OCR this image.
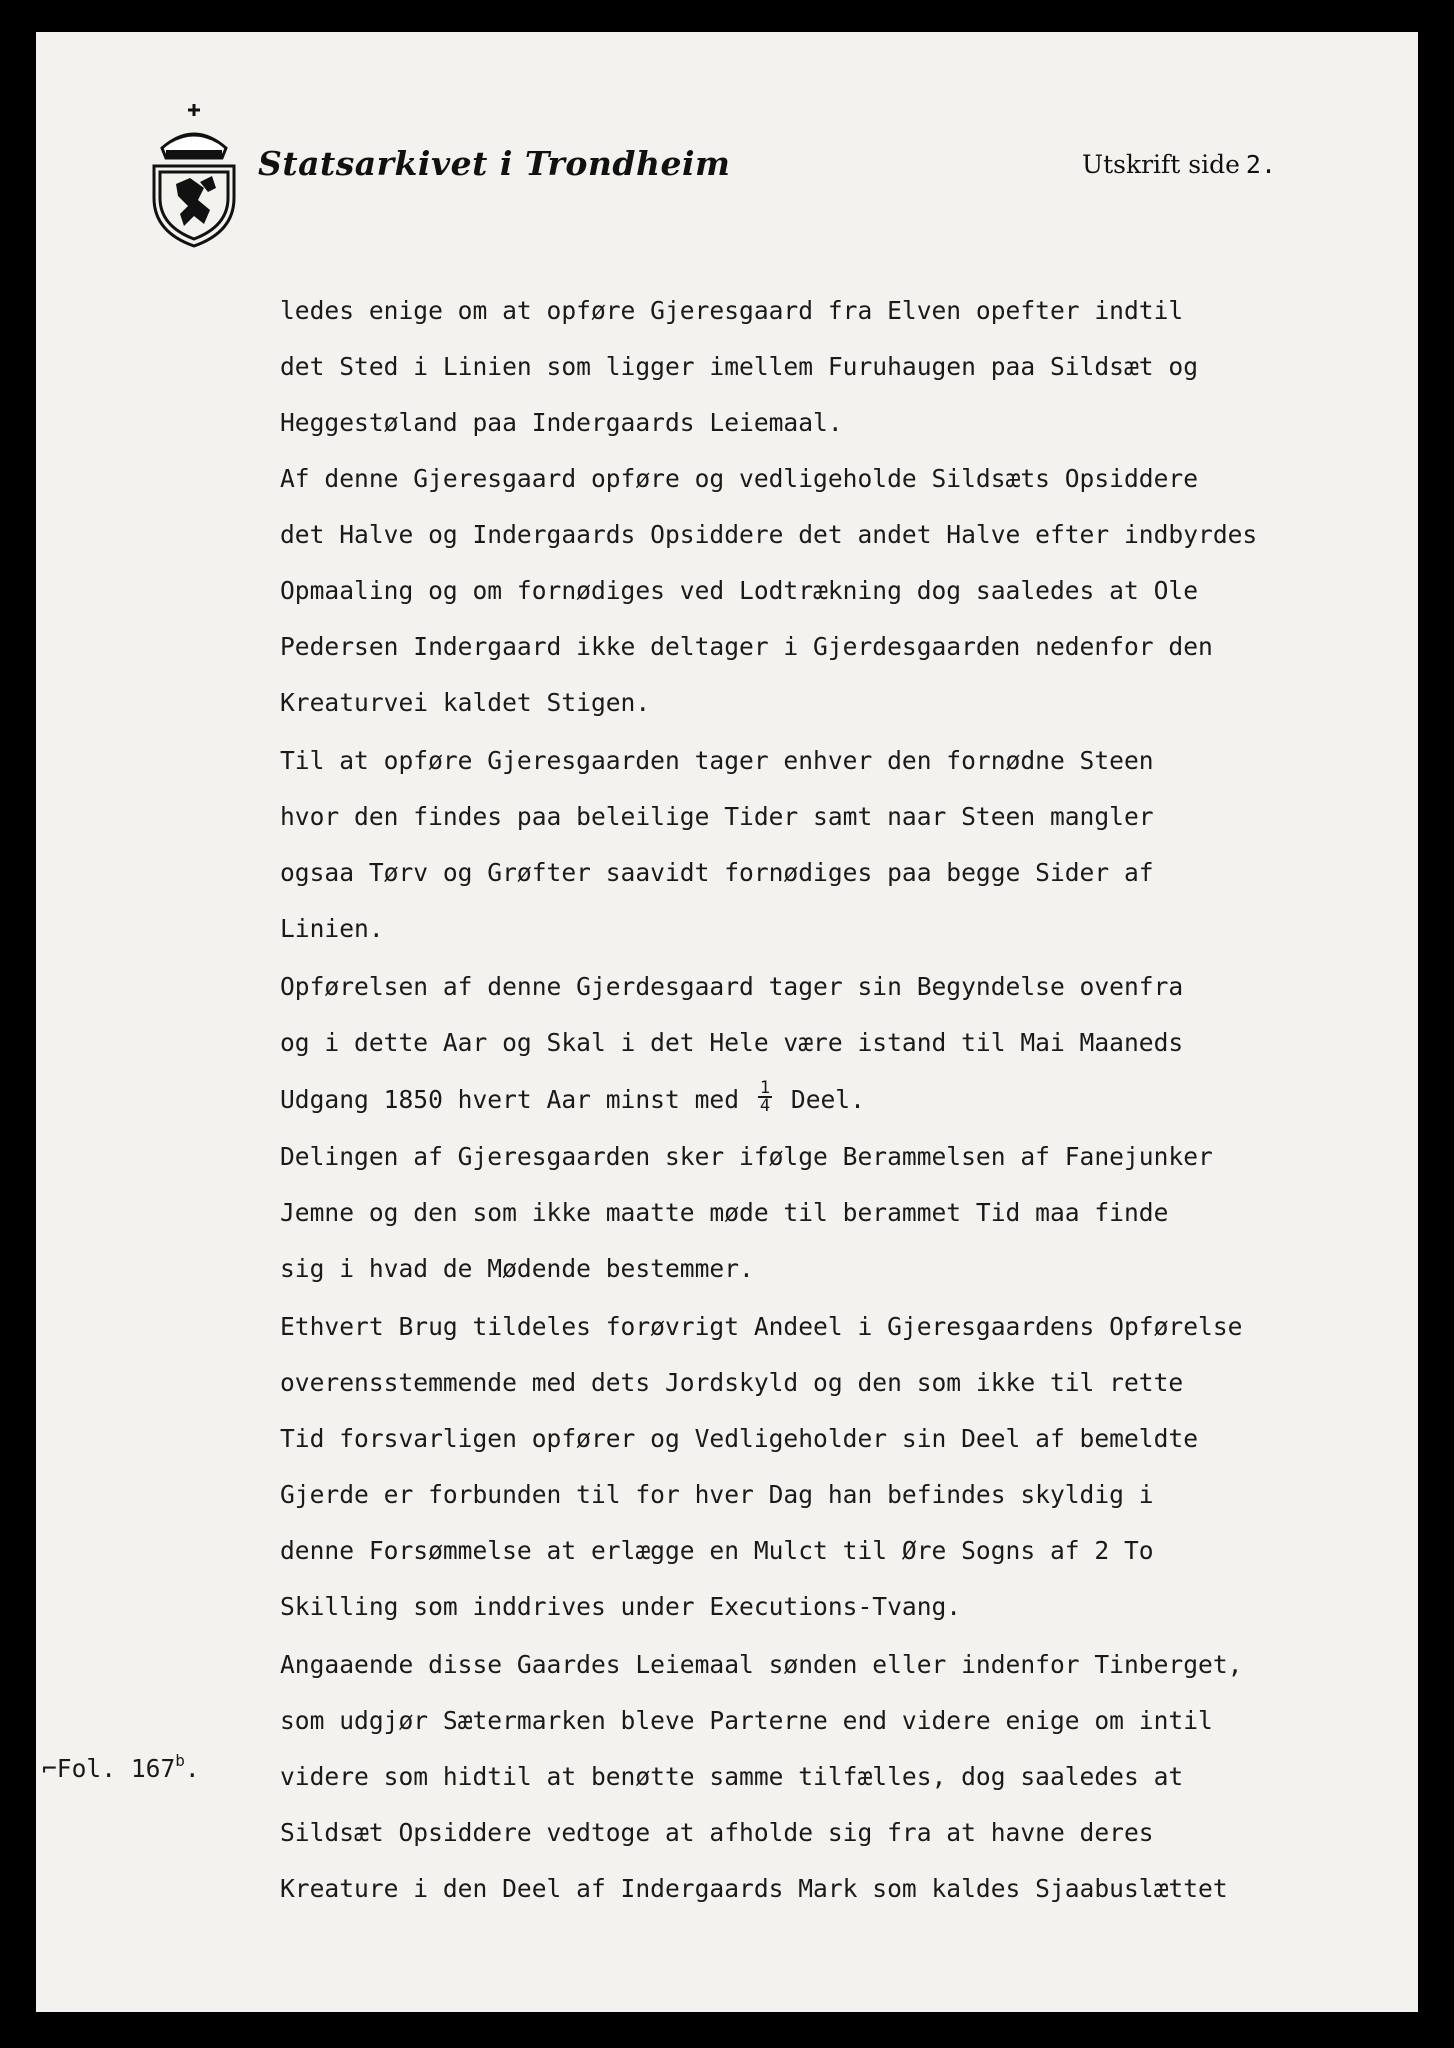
Statsarkivet i Trondheim	Utskrift side 2.
ledes enige om at opføre Gjeresgaard fra Elven opefter indtil
det Sted i Linien som ligger imellem Furuhaugen paa Sildsæt og
Heggestøland paa Indergaards Leiemaal.
Af denne Gjeresgaard opføre og vedligeholde Sildsæts Opsiddere
det Halve og Indergaards Opsiddere det andet Halve efter indbyrdes
Opmaaling og om fornødiges ved Lodtrækning dog saaledes at Ole
Pedersen Indergaard ikke deltager i Gjerdesgaarden nedenfor den
Kreaturvei kaldet Stigen.
Til at opføre Gjeresgaarden tager enhver den fornødne Steen
hvor den findes paa beleilige Tider samt naar Steen mangler
ogsaa Tørv og Grøfter saavidt fornødiges paa begge Sider af
Linien.
Opførelsen af denne Gjerdesgaard tager sin Begyndelse ovenfra
og i dette Aar og Skal i det Hele være istand til Mai Maaneds
Udgang 1850 hvert Aar minst med $\frac{1}{4}$ Deel.
Delingen af Gjeresgaarden sker ifølge Berammelsen af Fanejunker
Jemne og den som ikke maatte møde til berammet Tid maa finde
sig i hvad de Mødende bestemmer.
Ethvert Brug tildeles forøvrigt Andeel i Gjeresgaardens Opførelse
overensstemmende med dets Jordskyld og den som ikke til rette
Tid forsvarligen opfører og Vedligeholder sin Deel af bemeldte
Gjerde er forbunden til for hver Dag han befindes skyldig i
denne Forsømmelse at erlægge en Mulct til Øre Sogns af 2 To
Skilling som inddrives under Executions-Tvang.
Angaaende disse Gaardes Leiemaal sønden eller indenfor Tinberget,
som udgjør Sætermarken bleve Parterne end videre enige om intil
videre som hidtil at benøtte samme tilfælles, dog saaledes at
Sildsæt Opsiddere vedtoge at afholde sig fra at havne deres
Kreature i den Deel af Indergaards Mark som kaldes Sjaabuslættet
⌐Fol. 167$^b$.
